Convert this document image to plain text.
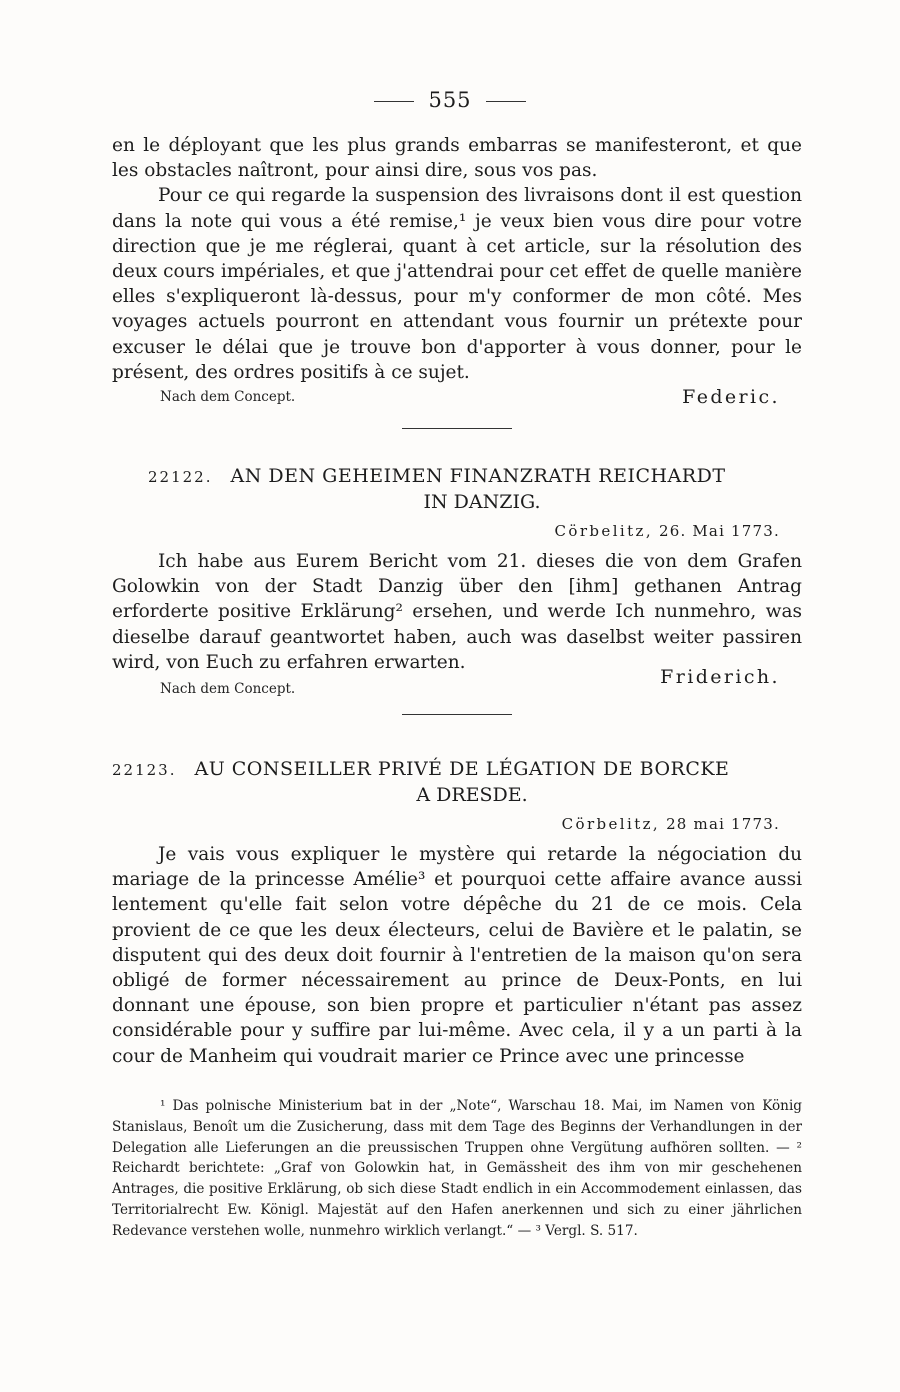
555

en le déployant que les plus grands embarras se manifesteront, et que les obstacles naîtront, pour ainsi dire, sous vos pas.

Pour ce qui regarde la suspension des livraisons dont il est question dans la note qui vous a été remise,¹ je veux bien vous dire pour votre direction que je me réglerai, quant à cet article, sur la résolution des deux cours impériales, et que j'attendrai pour cet effet de quelle manière elles s'expliqueront là-dessus, pour m'y conformer de mon côté. Mes voyages actuels pourront en attendant vous fournir un prétexte pour excuser le délai que je trouve bon d'apporter à vous donner, pour le présent, des ordres positifs à ce sujet.

Nach dem Concept.	Federic.
22122. AN DEN GEHEIMEN FINANZRATH REICHARDT
IN DANZIG.
Cörbelitz, 26. Mai 1773.

Ich habe aus Eurem Bericht vom 21. dieses die von dem Grafen Golowkin von der Stadt Danzig über den [ihm] gethanen Antrag erforderte positive Erklärung² ersehen, und werde Ich nunmehro, was dieselbe darauf geantwortet haben, auch was daselbst weiter passiren wird, von Euch zu erfahren erwarten.

Nach dem Concept.

Friderich.
22123. AU CONSEILLER PRIVÉ DE LÉGATION DE BORCKE
A DRESDE.
Cörbelitz, 28 mai 1773.

Je vais vous expliquer le mystère qui retarde la négociation du mariage de la princesse Amélie³ et pourquoi cette affaire avance aussi lentement qu'elle fait selon votre dépêche du 21 de ce mois. Cela provient de ce que les deux électeurs, celui de Bavière et le palatin, se disputent qui des deux doit fournir à l'entretien de la maison qu'on sera obligé de former nécessairement au prince de Deux-Ponts, en lui donnant une épouse, son bien propre et particulier n'étant pas assez considérable pour y suffire par lui-même. Avec cela, il y a un parti à la cour de Manheim qui voudrait marier ce Prince avec une princesse

¹ Das polnische Ministerium bat in der „Note“, Warschau 18. Mai, im Namen von König Stanislaus, Benoît um die Zusicherung, dass mit dem Tage des Beginns der Verhandlungen in der Delegation alle Lieferungen an die preussischen Truppen ohne Vergütung aufhören sollten. — ² Reichardt berichtete: „Graf von Golowkin hat, in Gemässheit des ihm von mir geschehenen Antrages, die positive Erklärung, ob sich diese Stadt endlich in ein Accommodement einlassen, das Territorialrecht Ew. Königl. Majestät auf den Hafen anerkennen und sich zu einer jährlichen Redevance verstehen wolle, nunmehro wirklich verlangt.“ — ³ Vergl. S. 517.
